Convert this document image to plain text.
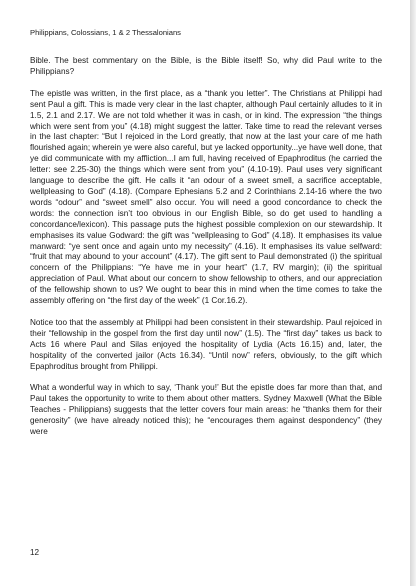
Philippians, Colossians, 1 & 2 Thessalonians

Bible. The best commentary on the Bible, is the Bible itself! So, why did Paul write to the Philippians?

The epistle was written, in the first place, as a “thank you letter”. The Christians at Philippi had sent Paul a gift. This is made very clear in the last chapter, although Paul certainly alludes to it in 1.5, 2.1 and 2.17. We are not told whether it was in cash, or in kind. The expression “the things which were sent from you” (4.18) might suggest the latter. Take time to read the relevant verses in the last chapter: “But I rejoiced in the Lord greatly, that now at the last your care of me hath flourished again; wherein ye were also careful, but ye lacked opportunity...ye have well done, that ye did communicate with my affliction...I am full, having received of Epaphroditus (he carried the letter: see 2.25-30) the things which were sent from you” (4.10-19). Paul uses very significant language to describe the gift. He calls it “an odour of a sweet smell, a sacrifice acceptable, wellpleasing to God” (4.18). (Compare Ephesians 5.2 and 2 Corinthians 2.14-16 where the two words “odour” and “sweet smell” also occur. You will need a good concordance to check the words: the connection isn’t too obvious in our English Bible, so do get used to handling a concordance/lexicon). This passage puts the highest possible complexion on our stewardship. It emphasises its value Godward: the gift was “wellpleasing to God” (4.18). It emphasises its value manward: “ye sent once and again unto my necessity” (4.16). It emphasises its value selfward: “fruit that may abound to your account” (4.17). The gift sent to Paul demonstrated (i) the spiritual concern of the Philippians: “Ye have me in your heart” (1.7, RV margin); (ii) the spiritual appreciation of Paul. What about our concern to show fellowship to others, and our appreciation of the fellowship shown to us? We ought to bear this in mind when the time comes to take the assembly offering on “the first day of the week” (1 Cor.16.2).

Notice too that the assembly at Philippi had been consistent in their stewardship. Paul rejoiced in their “fellowship in the gospel from the first day until now” (1.5). The “first day” takes us back to Acts 16 where Paul and Silas enjoyed the hospitality of Lydia (Acts 16.15) and, later, the hospitality of the converted jailor (Acts 16.34). “Until now” refers, obviously, to the gift which Epaphroditus brought from Philippi.

What a wonderful way in which to say, ‘Thank you!’ But the epistle does far more than that, and Paul takes the opportunity to write to them about other matters. Sydney Maxwell (What the Bible Teaches - Philippians) suggests that the letter covers four main areas: he “thanks them for their generosity” (we have already noticed this); he “encourages them against despondency” (they were

12
